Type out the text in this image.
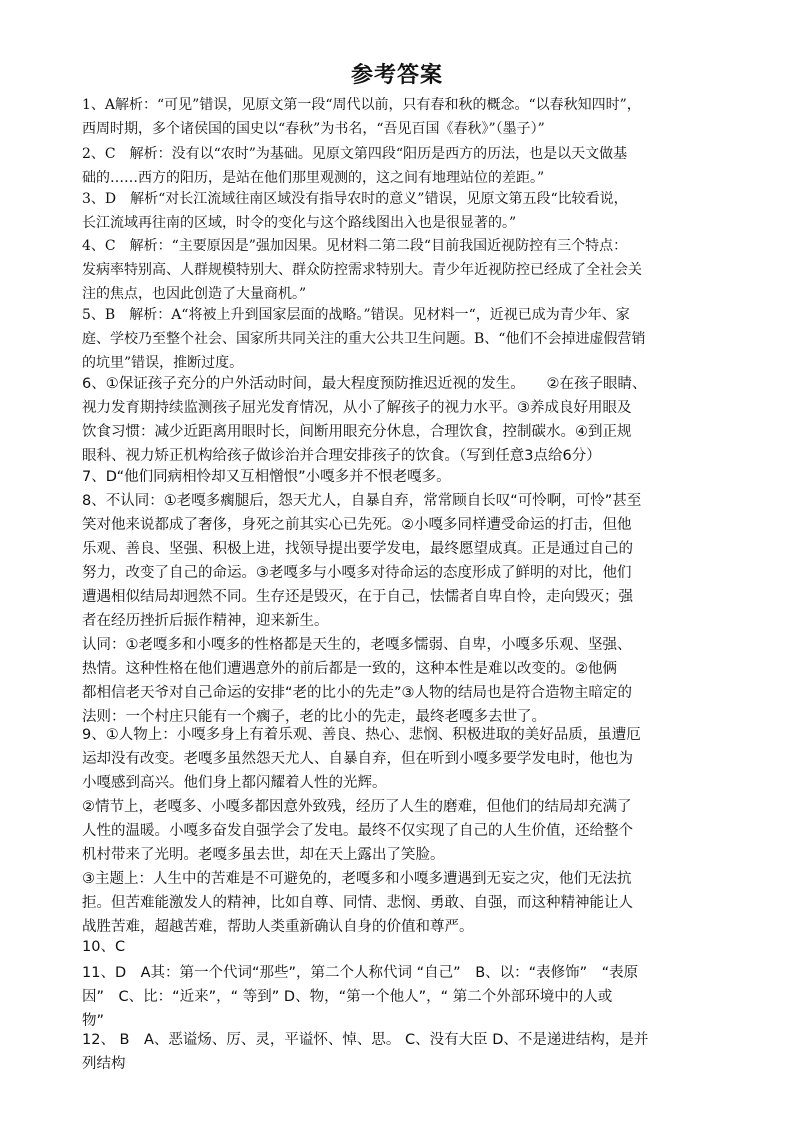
参考答案
1、A解析：“可见”错误，见原文第一段“周代以前，只有春和秋的概念。“以春秋知四时”，
西周时期，多个诸侯国的国史以“春秋”为书名，“吾见百国《春秋》”（墨子）”
2、C　解析：没有以“农时”为基础。见原文第四段“阳历是西方的历法，也是以天文做基
础的……西方的阳历，是站在他们那里观测的，这之间有地理站位的差距。”
3、D　解析“对长江流域往南区域没有指导农时的意义”错误，见原文第五段“比较看说，
长江流域再往南的区域，时令的变化与这个路线图出入也是很显著的。”
4、C　解析：“主要原因是”强加因果。见材料二第二段“目前我国近视防控有三个特点：
发病率特别高、人群规模特别大、群众防控需求特别大。青少年近视防控已经成了全社会关
注的焦点，也因此创造了大量商机。”
5、B　解析：A“将被上升到国家层面的战略。”错误。见材料一“，近视已成为青少年、家
庭、学校乃至整个社会、国家所共同关注的重大公共卫生问题。B、“他们不会掉进虚假营销
的坑里”错误，推断过度。
6、①保证孩子充分的户外活动时间，最大程度预防推迟近视的发生。　　②在孩子眼睛、
视力发育期持续监测孩子屈光发育情况，从小了解孩子的视力水平。③养成良好用眼及
饮食习惯：减少近距离用眼时长，间断用眼充分休息，合理饮食，控制碳水。④到正规
眼科、视力矫正机构给孩子做诊治并合理安排孩子的饮食。（写到任意3点给6分）
7、D“他们同病相怜却又互相憎恨”小嘎多并不恨老嘎多。
8、不认同：①老嘎多瘸腿后，怨天尤人，自暴自弃，常常顾自长叹“可怜啊，可怜”甚至
笑对他来说都成了奢侈，身死之前其实心已先死。②小嘎多同样遭受命运的打击，但他
乐观、善良、坚强、积极上进，找领导提出要学发电，最终愿望成真。正是通过自己的
努力，改变了自己的命运。③老嘎多与小嘎多对待命运的态度形成了鲜明的对比，他们
遭遇相似结局却迥然不同。生存还是毁灭，在于自己，怯懦者自卑自怜，走向毁灭；强
者在经历挫折后振作精神，迎来新生。
认同：①老嘎多和小嘎多的性格都是天生的，老嘎多懦弱、自卑，小嘎多乐观、坚强、
热情。这种性格在他们遭遇意外的前后都是一致的，这种本性是难以改变的。②他俩
都相信老天爷对自己命运的安排“老的比小的先走”③人物的结局也是符合造物主暗定的
法则：一个村庄只能有一个瘸子，老的比小的先走，最终老嘎多去世了。
9、①人物上：小嘎多身上有着乐观、善良、热心、悲悯、积极进取的美好品质，虽遭厄
运却没有改变。老嘎多虽然怨天尤人、自暴自弃，但在听到小嘎多要学发电时，他也为
小嘎感到高兴。他们身上都闪耀着人性的光辉。
②情节上，老嘎多、小嘎多都因意外致残，经历了人生的磨难，但他们的结局却充满了
人性的温暖。小嘎多奋发自强学会了发电。最终不仅实现了自己的人生价值，还给整个
机村带来了光明。老嘎多虽去世，却在天上露出了笑脸。
③主题上：人生中的苦难是不可避免的，老嘎多和小嘎多遭遇到无妄之灾，他们无法抗
拒。但苦难能激发人的精神，比如自尊、同情、悲悯、勇敢、自强，而这种精神能让人
战胜苦难，超越苦难，帮助人类重新确认自身的价值和尊严。
10、C
11、D　A其：第一个代词“那些”，第二个人称代词 “自己”　B、以：“表修饰”　“表原
因”　C、比：“近来”，“ 等到” D、物，“第一个他人”，“ 第二个外部环境中的人或
物”
12、 B　A、恶谥炀、厉、灵，平谥怀、悼、思。 C、没有大臣 D、不是递进结构，是并
列结构
